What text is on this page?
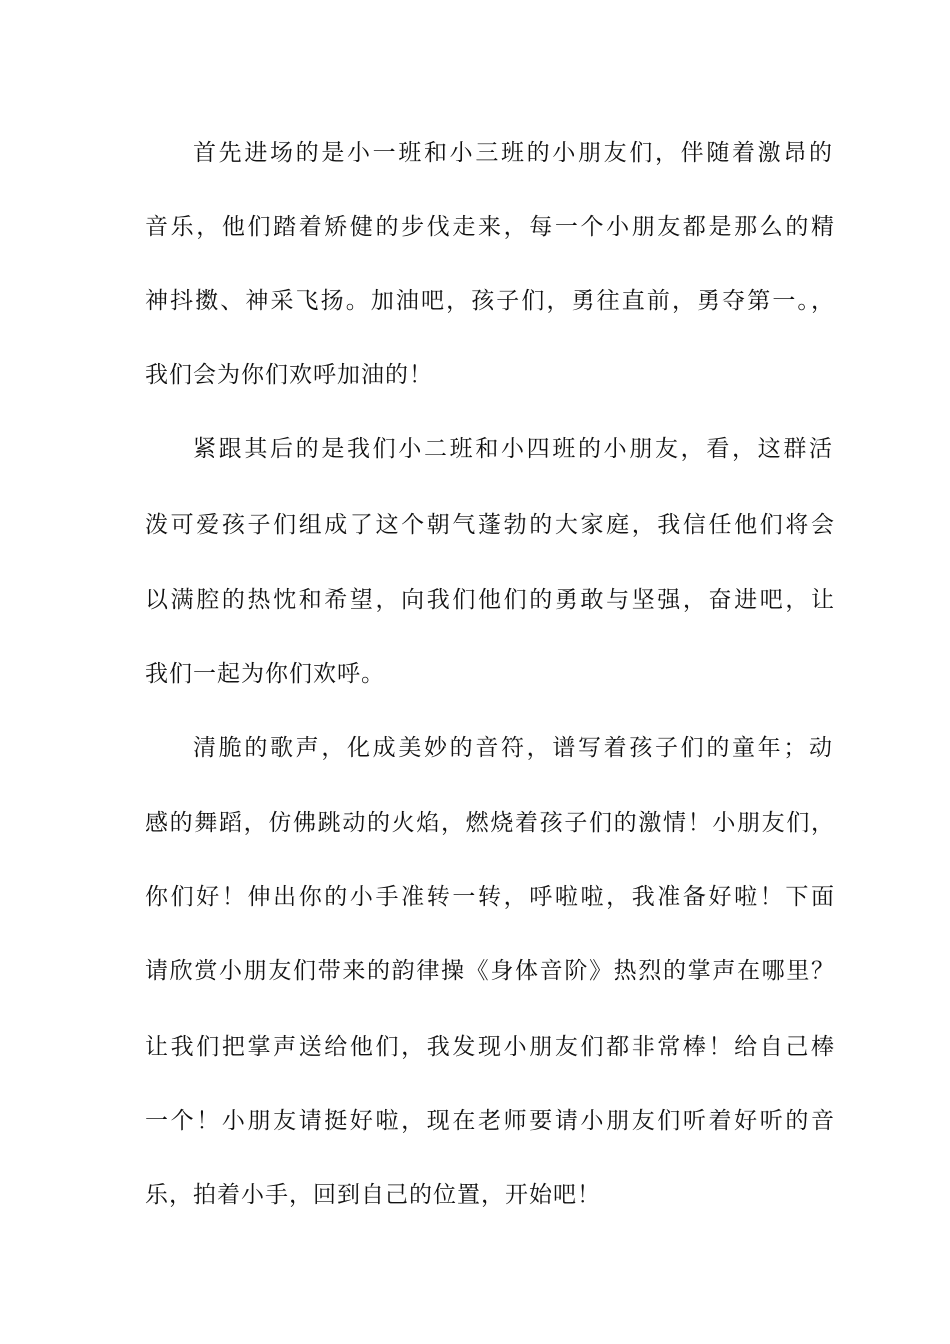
首先进场的是小一班和小三班的小朋友们，伴随着激昂的
音乐，他们踏着矫健的步伐走来，每一个小朋友都是那么的精
神抖擞、神采飞扬。加油吧，孩子们，勇往直前，勇夺第一。，
我们会为你们欢呼加油的！
紧跟其后的是我们小二班和小四班的小朋友，看，这群活
泼可爱孩子们组成了这个朝气蓬勃的大家庭，我信任他们将会
以满腔的热忱和希望，向我们他们的勇敢与坚强，奋进吧，让
我们一起为你们欢呼。
清脆的歌声，化成美妙的音符，谱写着孩子们的童年；动
感的舞蹈，仿佛跳动的火焰，燃烧着孩子们的激情！小朋友们，
你们好！伸出你的小手准转一转，呼啦啦，我准备好啦！下面
请欣赏小朋友们带来的韵律操《身体音阶》热烈的掌声在哪里？
让我们把掌声送给他们，我发现小朋友们都非常棒！给自己棒
一个！小朋友请挺好啦，现在老师要请小朋友们听着好听的音
乐，拍着小手，回到自己的位置，开始吧！
